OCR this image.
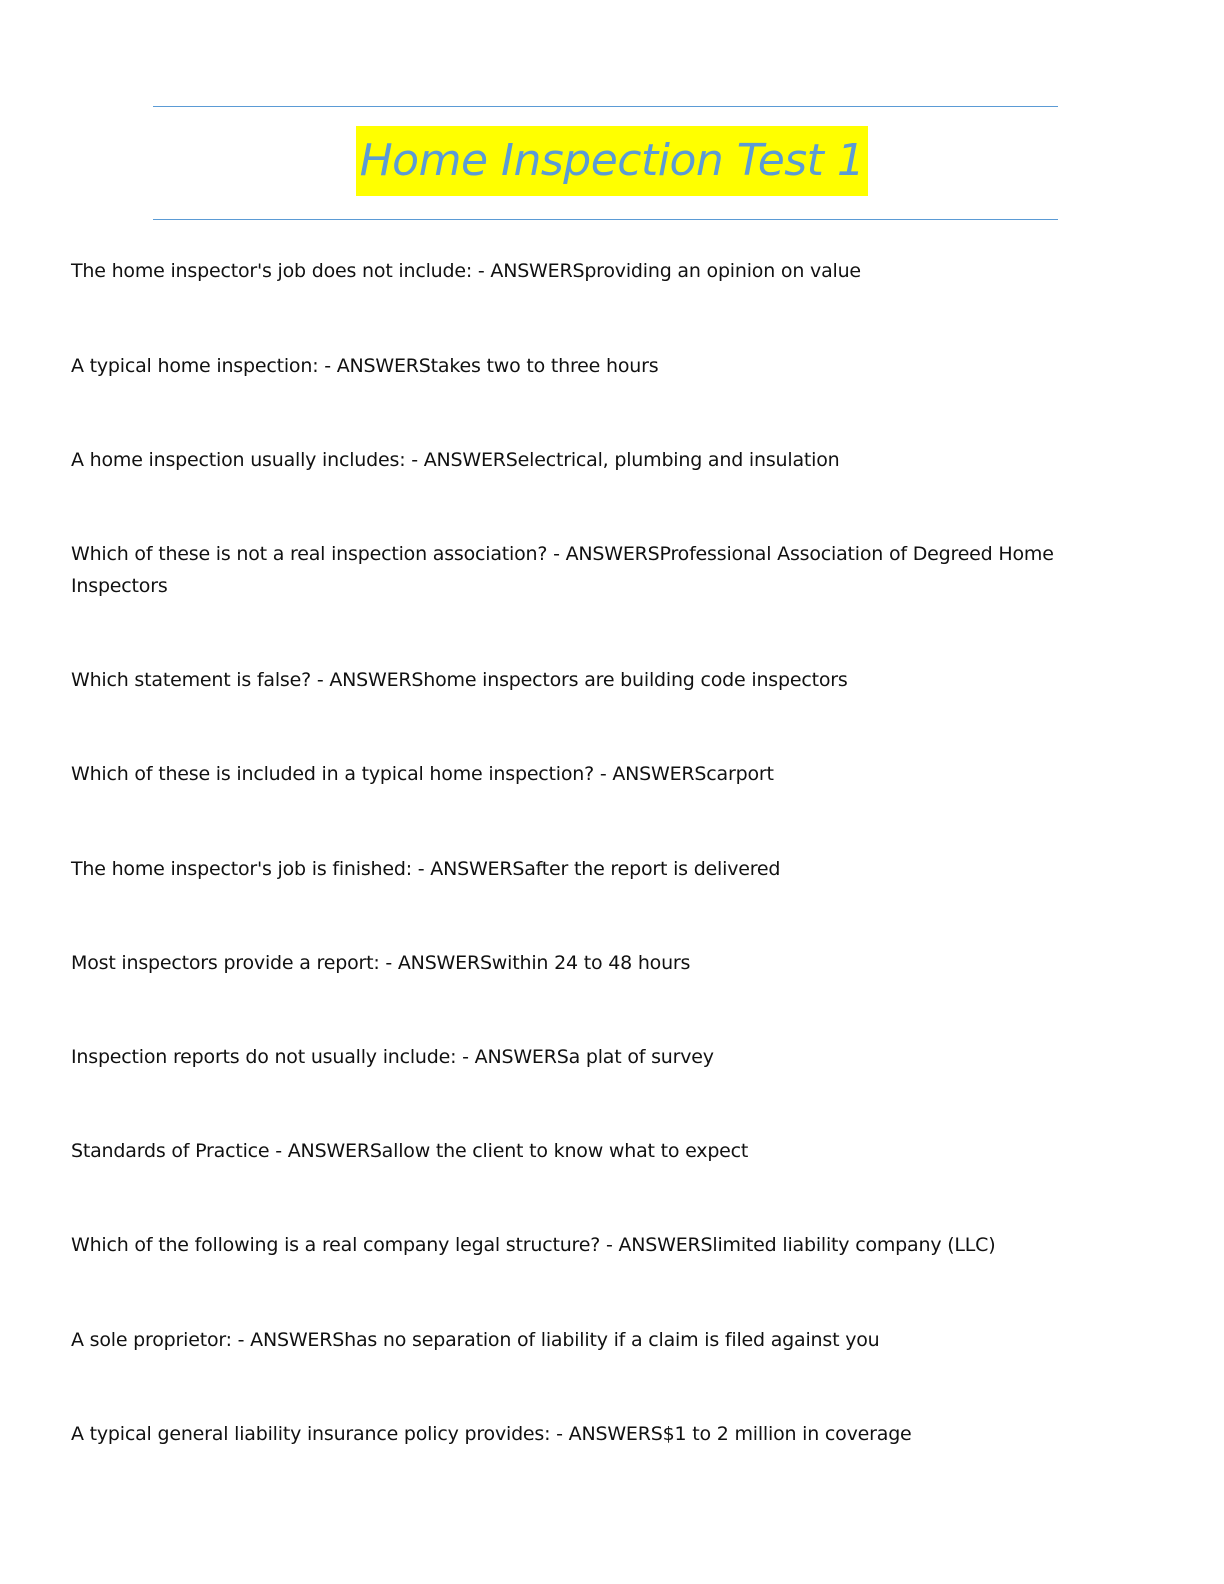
Home Inspection Test 1

The home inspector's job does not include: - ANSWERSproviding an opinion on value

A typical home inspection: - ANSWERStakes two to three hours

A home inspection usually includes: - ANSWERSelectrical, plumbing and insulation

Which of these is not a real inspection association? - ANSWERSProfessional Association of Degreed Home Inspectors

Which statement is false? - ANSWERShome inspectors are building code inspectors

Which of these is included in a typical home inspection? - ANSWERScarport

The home inspector's job is finished: - ANSWERSafter the report is delivered

Most inspectors provide a report: - ANSWERSwithin 24 to 48 hours

Inspection reports do not usually include: - ANSWERSa plat of survey

Standards of Practice - ANSWERSallow the client to know what to expect

Which of the following is a real company legal structure? - ANSWERSlimited liability company (LLC)

A sole proprietor: - ANSWERShas no separation of liability if a claim is filed against you

A typical general liability insurance policy provides: - ANSWERS$1 to 2 million in coverage
